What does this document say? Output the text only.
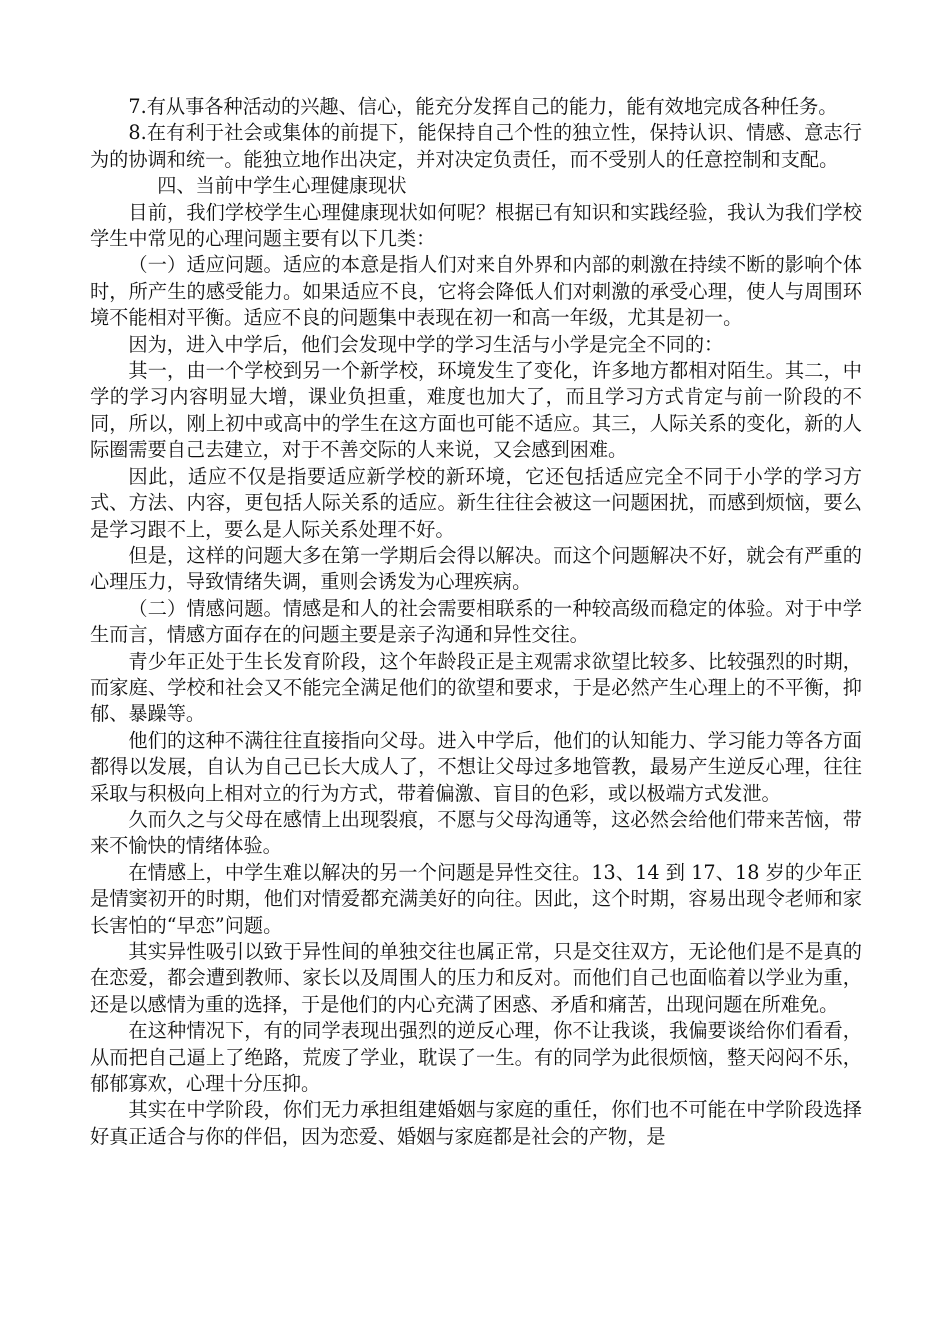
7.有从事各种活动的兴趣、信心，能充分发挥自己的能力，能有效地完成各种任务。

8.在有利于社会或集体的前提下，能保持自己个性的独立性，保持认识、情感、意志行为的协调和统一。能独立地作出决定，并对决定负责任，而不受别人的任意控制和支配。

四、当前中学生心理健康现状

目前，我们学校学生心理健康现状如何呢？根据已有知识和实践经验，我认为我们学校学生中常见的心理问题主要有以下几类：

（一）适应问题。适应的本意是指人们对来自外界和内部的刺激在持续不断的影响个体时，所产生的感受能力。如果适应不良，它将会降低人们对刺激的承受心理，使人与周围环境不能相对平衡。适应不良的问题集中表现在初一和高一年级，尤其是初一。

因为，进入中学后，他们会发现中学的学习生活与小学是完全不同的：

其一，由一个学校到另一个新学校，环境发生了变化，许多地方都相对陌生。其二，中学的学习内容明显大增，课业负担重，难度也加大了，而且学习方式肯定与前一阶段的不同，所以，刚上初中或高中的学生在这方面也可能不适应。其三，人际关系的变化，新的人际圈需要自己去建立，对于不善交际的人来说，又会感到困难。

因此，适应不仅是指要适应新学校的新环境，它还包括适应完全不同于小学的学习方式、方法、内容，更包括人际关系的适应。新生往往会被这一问题困扰，而感到烦恼，要么是学习跟不上，要么是人际关系处理不好。

但是，这样的问题大多在第一学期后会得以解决。而这个问题解决不好，就会有严重的心理压力，导致情绪失调，重则会诱发为心理疾病。

（二）情感问题。情感是和人的社会需要相联系的一种较高级而稳定的体验。对于中学生而言，情感方面存在的问题主要是亲子沟通和异性交往。

青少年正处于生长发育阶段，这个年龄段正是主观需求欲望比较多、比较强烈的时期，而家庭、学校和社会又不能完全满足他们的欲望和要求，于是必然产生心理上的不平衡，抑郁、暴躁等。

他们的这种不满往往直接指向父母。进入中学后，他们的认知能力、学习能力等各方面都得以发展，自认为自己已长大成人了，不想让父母过多地管教，最易产生逆反心理，往往采取与积极向上相对立的行为方式，带着偏激、盲目的色彩，或以极端方式发泄。

久而久之与父母在感情上出现裂痕，不愿与父母沟通等，这必然会给他们带来苦恼，带来不愉快的情绪体验。

在情感上，中学生难以解决的另一个问题是异性交往。13、14 到 17、18 岁的少年正是情窦初开的时期，他们对情爱都充满美好的向往。因此，这个时期，容易出现令老师和家长害怕的“早恋”问题。

其实异性吸引以致于异性间的单独交往也属正常，只是交往双方，无论他们是不是真的在恋爱，都会遭到教师、家长以及周围人的压力和反对。而他们自己也面临着以学业为重，还是以感情为重的选择，于是他们的内心充满了困惑、矛盾和痛苦，出现问题在所难免。

在这种情况下，有的同学表现出强烈的逆反心理，你不让我谈，我偏要谈给你们看看，从而把自己逼上了绝路，荒废了学业，耽误了一生。有的同学为此很烦恼，整天闷闷不乐，郁郁寡欢，心理十分压抑。

其实在中学阶段，你们无力承担组建婚姻与家庭的重任，你们也不可能在中学阶段选择好真正适合与你的伴侣，因为恋爱、婚姻与家庭都是社会的产物，是
